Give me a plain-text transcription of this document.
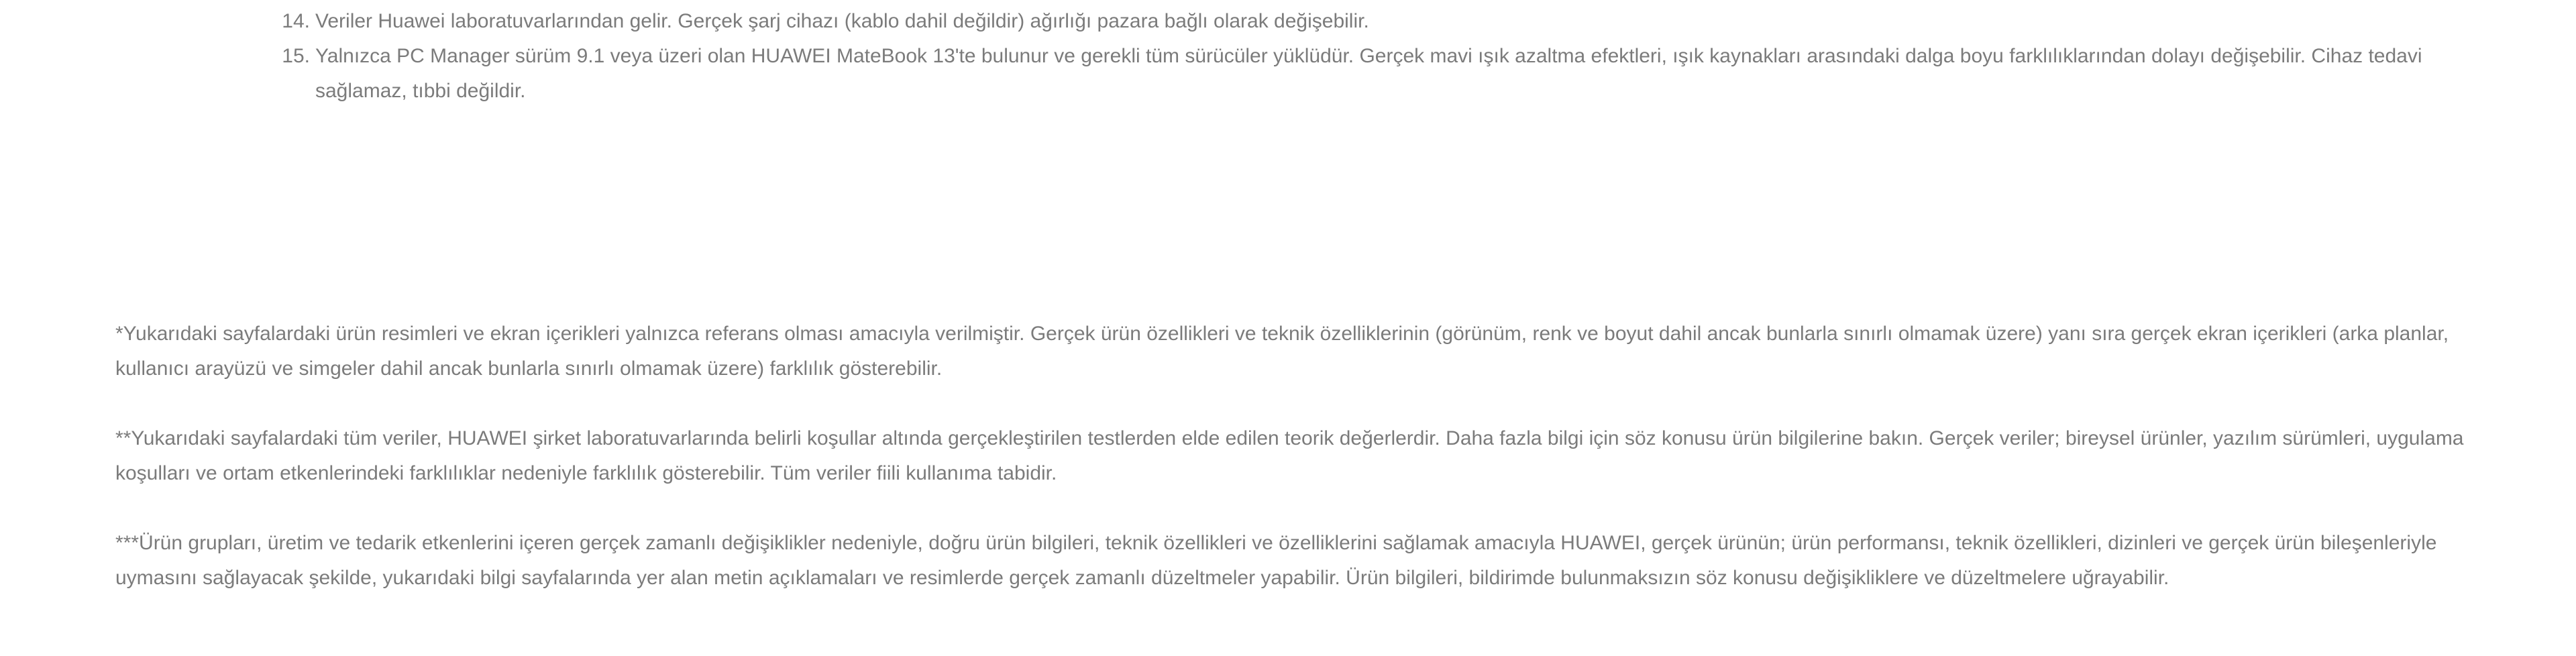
14. Veriler Huawei laboratuvarlarından gelir. Gerçek şarj cihazı (kablo dahil değildir) ağırlığı pazara bağlı olarak değişebilir.
15. Yalnızca PC Manager sürüm 9.1 veya üzeri olan HUAWEI MateBook 13'te bulunur ve gerekli tüm sürücüler yüklüdür. Gerçek mavi ışık azaltma efektleri, ışık kaynakları arasındaki dalga boyu farklılıklarından dolayı değişebilir. Cihaz tedavi sağlamaz, tıbbi değildir.

*Yukarıdaki sayfalardaki ürün resimleri ve ekran içerikleri yalnızca referans olması amacıyla verilmiştir. Gerçek ürün özellikleri ve teknik özelliklerinin (görünüm, renk ve boyut dahil ancak bunlarla sınırlı olmamak üzere) yanı sıra gerçek ekran içerikleri (arka planlar, kullanıcı arayüzü ve simgeler dahil ancak bunlarla sınırlı olmamak üzere) farklılık gösterebilir.

**Yukarıdaki sayfalardaki tüm veriler, HUAWEI şirket laboratuvarlarında belirli koşullar altında gerçekleştirilen testlerden elde edilen teorik değerlerdir. Daha fazla bilgi için söz konusu ürün bilgilerine bakın. Gerçek veriler; bireysel ürünler, yazılım sürümleri, uygulama koşulları ve ortam etkenlerindeki farklılıklar nedeniyle farklılık gösterebilir. Tüm veriler fiili kullanıma tabidir.

***Ürün grupları, üretim ve tedarik etkenlerini içeren gerçek zamanlı değişiklikler nedeniyle, doğru ürün bilgileri, teknik özellikleri ve özelliklerini sağlamak amacıyla HUAWEI, gerçek ürünün; ürün performansı, teknik özellikleri, dizinleri ve gerçek ürün bileşenleriyle uymasını sağlayacak şekilde, yukarıdaki bilgi sayfalarında yer alan metin açıklamaları ve resimlerde gerçek zamanlı düzeltmeler yapabilir. Ürün bilgileri, bildirimde bulunmaksızın söz konusu değişikliklere ve düzeltmelere uğrayabilir.
